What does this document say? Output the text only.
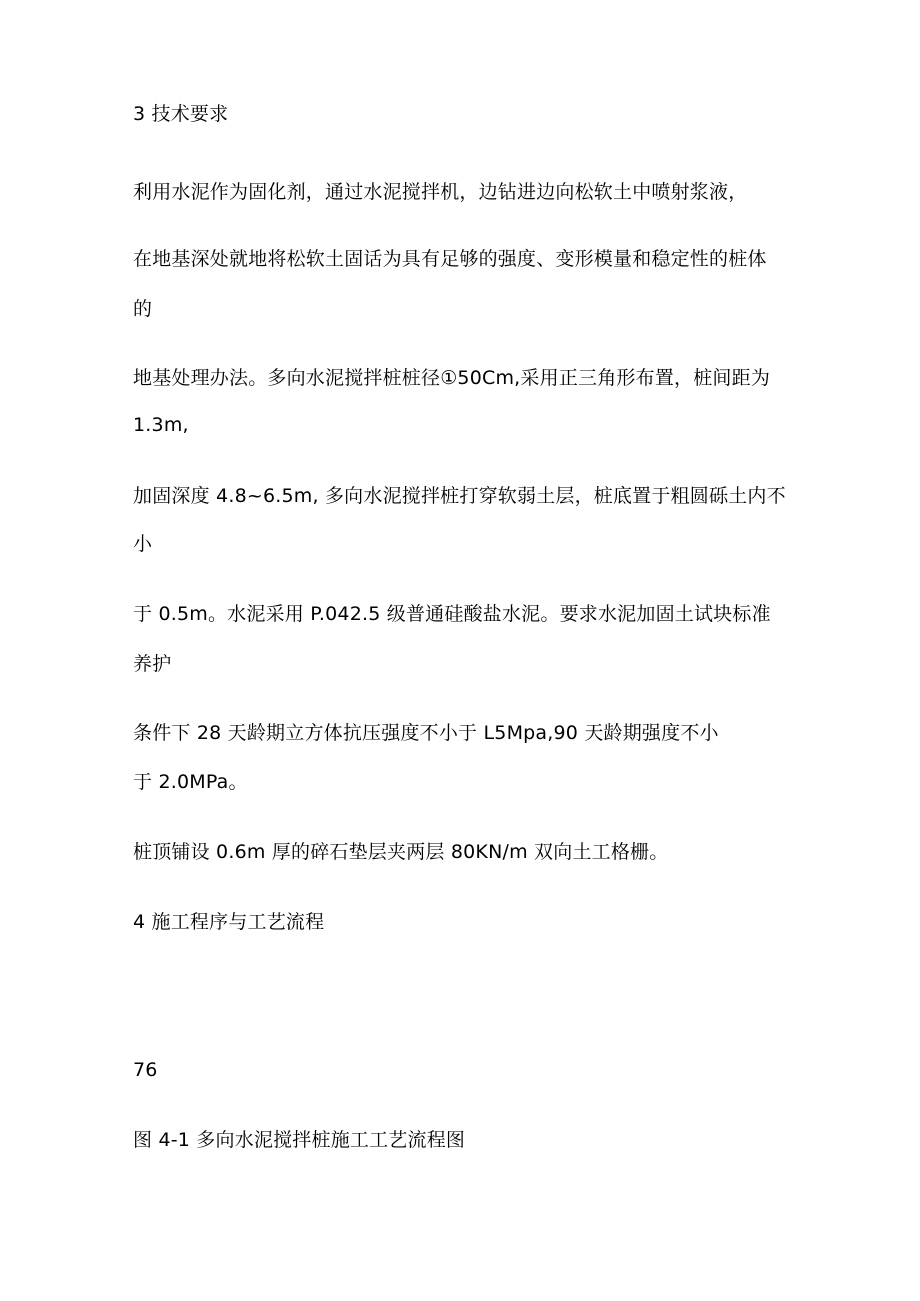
3 技术要求
利用水泥作为固化剂，通过水泥搅拌机，边钻进边向松软土中喷射浆液，
在地基深处就地将松软土固话为具有足够的强度、变形模量和稳定性的桩体
的
地基处理办法。多向水泥搅拌桩桩径①50Cm,采用正三角形布置，桩间距为
1.3m,
加固深度 4.8~6.5m, 多向水泥搅拌桩打穿软弱土层，桩底置于粗圆砾土内不
小
于 0.5m。水泥采用 P.042.5 级普通硅酸盐水泥。要求水泥加固土试块标准
养护
条件下 28 天龄期立方体抗压强度不小于 L5Mpa,90 天龄期强度不小
于 2.0MPa。
桩顶铺设 0.6m 厚的碎石垫层夹两层 80KN∕m 双向土工格栅。
4 施工程序与工艺流程
76
图 4-1 多向水泥搅拌桩施工工艺流程图
